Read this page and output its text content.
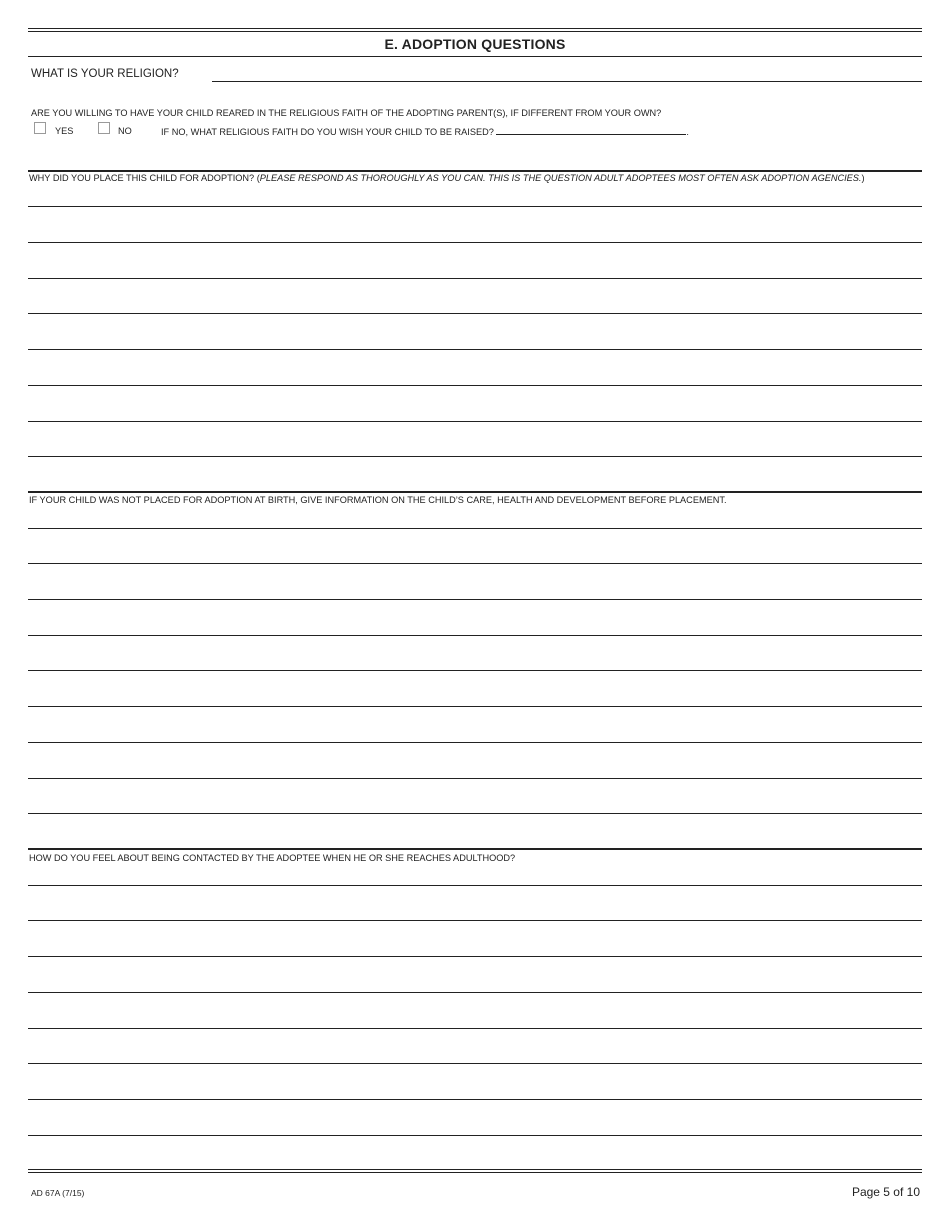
E. ADOPTION QUESTIONS
WHAT IS YOUR RELIGION?
ARE YOU WILLING TO HAVE YOUR CHILD REARED IN THE RELIGIOUS FAITH OF THE ADOPTING PARENT(S), IF DIFFERENT FROM YOUR OWN?
YES	NO	IF NO, WHAT RELIGIOUS FAITH DO YOU WISH YOUR CHILD TO BE RAISED?	.
WHY DID YOU PLACE THIS CHILD FOR ADOPTION? (PLEASE RESPOND AS THOROUGHLY AS YOU CAN. THIS IS THE QUESTION ADULT ADOPTEES MOST OFTEN ASK ADOPTION AGENCIES.)
IF YOUR CHILD WAS NOT PLACED FOR ADOPTION AT BIRTH, GIVE INFORMATION ON THE CHILD’S CARE, HEALTH AND DEVELOPMENT BEFORE PLACEMENT.
HOW DO YOU FEEL ABOUT BEING CONTACTED BY THE ADOPTEE WHEN HE OR SHE REACHES ADULTHOOD?
AD 67A (7/15)	Page 5 of 10
